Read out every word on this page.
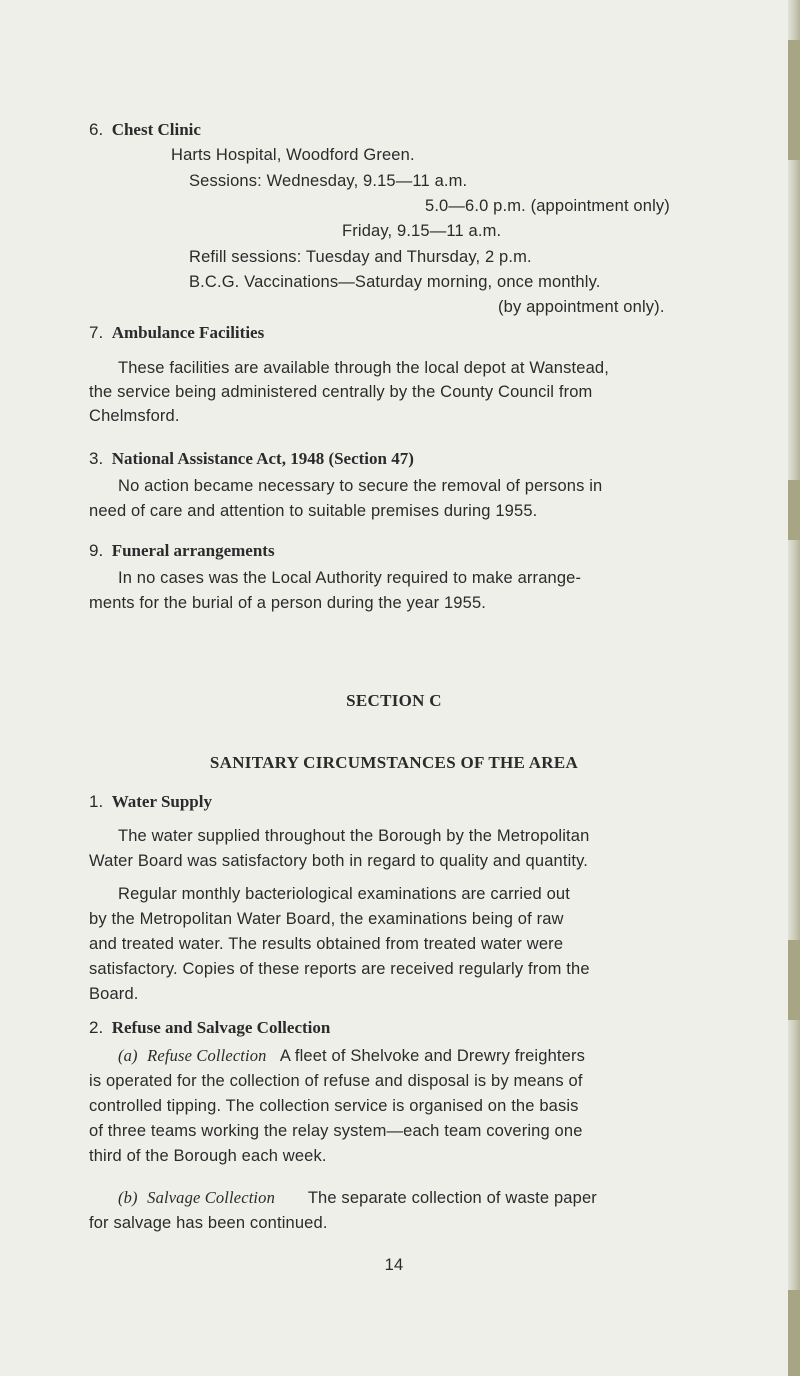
6. Chest Clinic
Harts Hospital, Woodford Green.
Sessions: Wednesday, 9.15—11 a.m.
5.0—6.0 p.m. (appointment only)
Friday, 9.15—11 a.m.
Refill sessions: Tuesday and Thursday, 2 p.m.
B.C.G. Vaccinations—Saturday morning, once monthly.
(by appointment only).
7. Ambulance Facilities
These facilities are available through the local depot at Wanstead,
the service being administered centrally by the County Council from
Chelmsford.
3. National Assistance Act, 1948 (Section 47)
No action became necessary to secure the removal of persons in
need of care and attention to suitable premises during 1955.
9. Funeral arrangements
In no cases was the Local Authority required to make arrange-
ments for the burial of a person during the year 1955.
SECTION C
SANITARY CIRCUMSTANCES OF THE AREA
1. Water Supply
The water supplied throughout the Borough by the Metropolitan
Water Board was satisfactory both in regard to quality and quantity.
Regular monthly bacteriological examinations are carried out
by the Metropolitan Water Board, the examinations being of raw
and treated water. The results obtained from treated water were
satisfactory. Copies of these reports are received regularly from the
Board.
2. Refuse and Salvage Collection
(a) Refuse Collection A fleet of Shelvoke and Drewry freighters
is operated for the collection of refuse and disposal is by means of
controlled tipping. The collection service is organised on the basis
of three teams working the relay system—each team covering one
third of the Borough each week.
(b) Salvage Collection The separate collection of waste paper
for salvage has been continued.
14
